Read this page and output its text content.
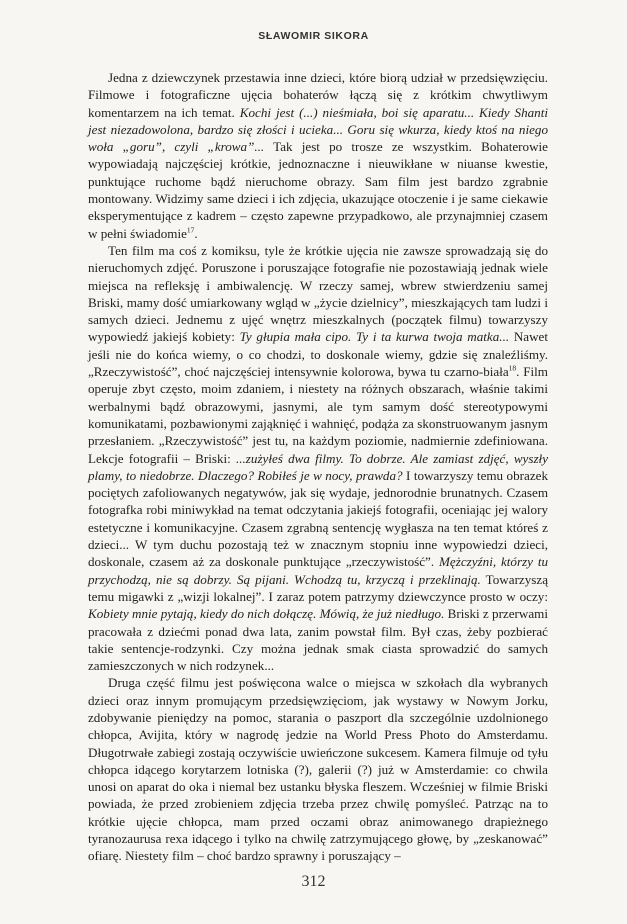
SŁAWOMIR SIKORA

Jedna z dziewczynek przestawia inne dzieci, które biorą udział w przedsięwzięciu. Filmowe i fotograficzne ujęcia bohaterów łączą się z krótkim chwytliwym komentarzem na ich temat. Kochi jest (...) nieśmiała, boi się aparatu... Kiedy Shanti jest niezadowolona, bardzo się złości i ucieka... Goru się wkurza, kiedy ktoś na niego woła „goru”, czyli „krowa”... Tak jest po trosze ze wszystkim. Bohaterowie wypowiadają najczęściej krótkie, jednoznaczne i nieuwikłane w niuanse kwestie, punktujące ruchome bądź nieruchome obrazy. Sam film jest bardzo zgrabnie montowany. Widzimy same dzieci i ich zdjęcia, ukazujące otoczenie i je same ciekawie eksperymentujące z kadrem – często zapewne przypadkowo, ale przynajmniej czasem w pełni świadomie$^{17}$.

Ten film ma coś z komiksu, tyle że krótkie ujęcia nie zawsze sprowadzają się do nieruchomych zdjęć. Poruszone i poruszające fotografie nie pozostawiają jednak wiele miejsca na refleksję i ambiwalencję. W rzeczy samej, wbrew stwierdzeniu samej Briski, mamy dość umiarkowany wgląd w „życie dzielnicy”, mieszkających tam ludzi i samych dzieci. Jednemu z ujęć wnętrz mieszkalnych (początek filmu) towarzyszy wypowiedź jakiejś kobiety: Ty głupia mała cipo. Ty i ta kurwa twoja matka... Nawet jeśli nie do końca wiemy, o co chodzi, to doskonale wiemy, gdzie się znaleźliśmy. „Rzeczywistość”, choć najczęściej intensywnie kolorowa, bywa tu czarno-biała$^{18}$. Film operuje zbyt często, moim zdaniem, i niestety na różnych obszarach, właśnie takimi werbalnymi bądź obrazowymi, jasnymi, ale tym samym dość stereotypowymi komunikatami, pozbawionymi zająknięć i wahnięć, podąża za skonstruowanym jasnym przesłaniem. „Rzeczywistość” jest tu, na każdym poziomie, nadmiernie zdefiniowana. Lekcje fotografii – Briski: ...zużyłeś dwa filmy. To dobrze. Ale zamiast zdjęć, wyszły plamy, to niedobrze. Dlaczego? Robiłeś je w nocy, prawda? I towarzyszy temu obrazek pociętych zafoliowanych negatywów, jak się wydaje, jednorodnie brunatnych. Czasem fotografka robi miniwykład na temat odczytania jakiejś fotografii, oceniając jej walory estetyczne i komunikacyjne. Czasem zgrabną sentencję wygłasza na ten temat któreś z dzieci... W tym duchu pozostają też w znacznym stopniu inne wypowiedzi dzieci, doskonale, czasem aż za doskonale punktujące „rzeczywistość”. Mężczyźni, którzy tu przychodzą, nie są dobrzy. Są pijani. Wchodzą tu, krzyczą i przeklinają. Towarzyszą temu migawki z „wizji lokalnej”. I zaraz potem patrzymy dziewczynce prosto w oczy: Kobiety mnie pytają, kiedy do nich dołączę. Mówią, że już niedługo. Briski z przerwami pracowała z dziećmi ponad dwa lata, zanim powstał film. Był czas, żeby pozbierać takie sentencje-rodzynki. Czy można jednak smak ciasta sprowadzić do samych zamieszczonych w nich rodzynek...

Druga część filmu jest poświęcona walce o miejsca w szkołach dla wybranych dzieci oraz innym promującym przedsięwzięciom, jak wystawy w Nowym Jorku, zdobywanie pieniędzy na pomoc, starania o paszport dla szczególnie uzdolnionego chłopca, Avijita, który w nagrodę jedzie na World Press Photo do Amsterdamu. Długotrwałe zabiegi zostają oczywiście uwieńczone sukcesem. Kamera filmuje od tyłu chłopca idącego korytarzem lotniska (?), galerii (?) już w Amsterdamie: co chwila unosi on aparat do oka i niemal bez ustanku błyska fleszem. Wcześniej w filmie Briski powiada, że przed zrobieniem zdjęcia trzeba przez chwilę pomyśleć. Patrząc na to krótkie ujęcie chłopca, mam przed oczami obraz animowanego drapieżnego tyranozaurusa rexa idącego i tylko na chwilę zatrzymującego głowę, by „zeskanować” ofiarę. Niestety film – choć bardzo sprawny i poruszający –

312
